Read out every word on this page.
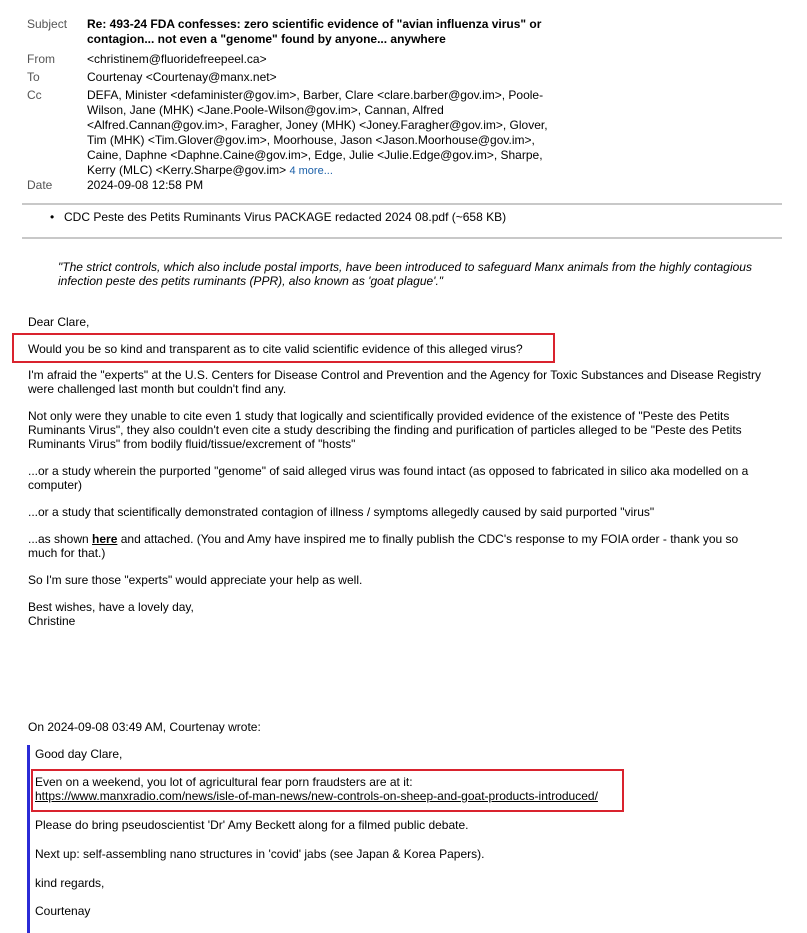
Subject Re: 493-24 FDA confesses: zero scientific evidence of "avian influenza virus" or
contagion... not even a "genome" found by anyone... anywhere
From	<christinem@fluoridefreepeel.ca>
To	Courtenay <Courtenay@manx.net>
Cc	DEFA, Minister <defaminister@gov.im>, Barber, Clare <clare.barber@gov.im>, Poole-
Wilson, Jane (MHK) <Jane.Poole-Wilson@gov.im>, Cannan, Alfred
<Alfred.Cannan@gov.im>, Faragher, Joney (MHK) <Joney.Faragher@gov.im>, Glover,
Tim (MHK) <Tim.Glover@gov.im>, Moorhouse, Jason <Jason.Moorhouse@gov.im>,
Caine, Daphne <Daphne.Caine@gov.im>, Edge, Julie <Julie.Edge@gov.im>, Sharpe,
Kerry (MLC) <Kerry.Sharpe@gov.im> 4 more...
Date	2024-09-08 12:58 PM
• CDC Peste des Petits Ruminants Virus PACKAGE redacted 2024 08.pdf (~658 KB)
"The strict controls, which also include postal imports, have been introduced to safeguard Manx animals from the highly contagious
infection peste des petits ruminants (PPR), also known as 'goat plague'."
Dear Clare,
Would you be so kind and transparent as to cite valid scientific evidence of this alleged virus?
I'm afraid the "experts" at the U.S. Centers for Disease Control and Prevention and the Agency for Toxic Substances and Disease Registry
were challenged last month but couldn't find any.
Not only were they unable to cite even 1 study that logically and scientifically provided evidence of the existence of "Peste des Petits
Ruminants Virus", they also couldn't even cite a study describing the finding and purification of particles alleged to be "Peste des Petits
Ruminants Virus" from bodily fluid/tissue/excrement of "hosts"
...or a study wherein the purported "genome" of said alleged virus was found intact (as opposed to fabricated in silico aka modelled on a
computer)
...or a study that scientifically demonstrated contagion of illness / symptoms allegedly caused by said purported "virus"
...as shown here and attached. (You and Amy have inspired me to finally publish the CDC's response to my FOIA order - thank you so
much for that.)
So I'm sure those "experts" would appreciate your help as well.
Best wishes, have a lovely day,
Christine
On 2024-09-08 03:49 AM, Courtenay wrote:
Good day Clare,
Even on a weekend, you lot of agricultural fear porn fraudsters are at it:
https://www.manxradio.com/news/isle-of-man-news/new-controls-on-sheep-and-goat-products-introduced/
Please do bring pseudoscientist 'Dr' Amy Beckett along for a filmed public debate.
Next up: self-assembling nano structures in 'covid' jabs (see Japan & Korea Papers).
kind regards,
Courtenay
